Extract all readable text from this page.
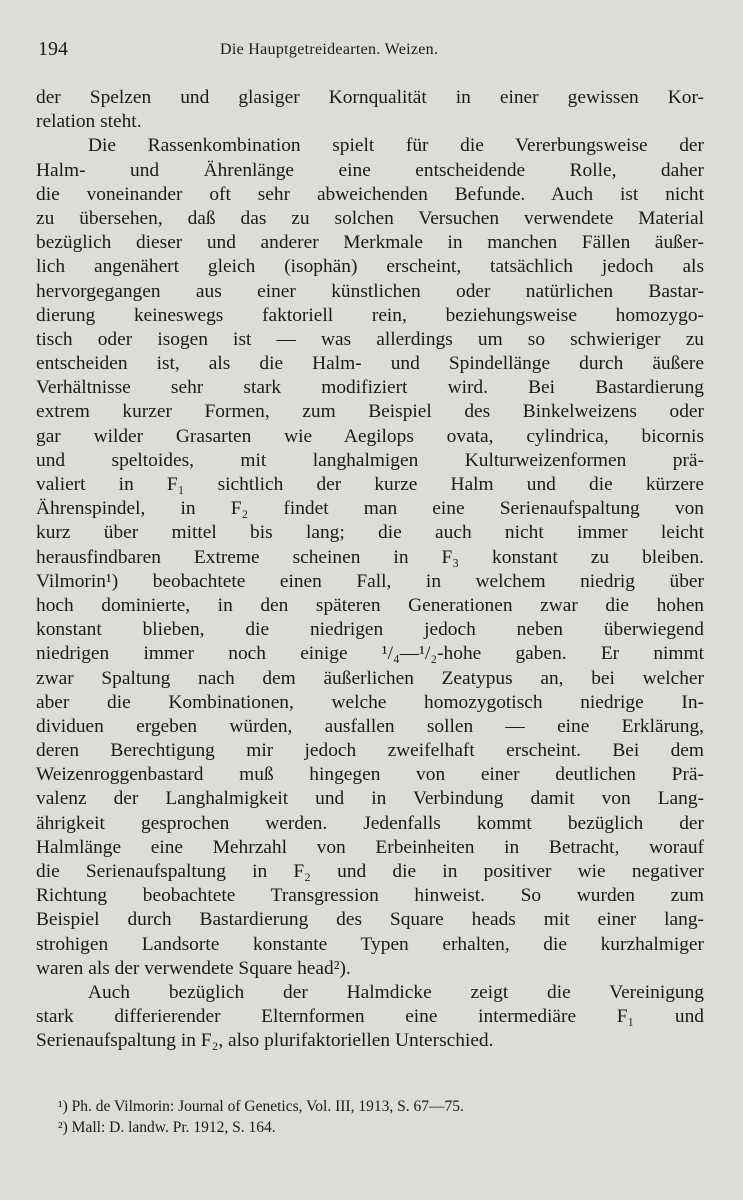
194	Die Hauptgetreidearten. Weizen.
der Spelzen und glasiger Kornqualität in einer gewissen Kor-
relation steht.
Die Rassenkombination spielt für die Vererbungsweise der
Halm- und Ährenlänge eine entscheidende Rolle, daher
die voneinander oft sehr abweichenden Befunde. Auch ist nicht
zu übersehen, daß das zu solchen Versuchen verwendete Material
bezüglich dieser und anderer Merkmale in manchen Fällen äußer-
lich angenähert gleich (isophän) erscheint, tatsächlich jedoch als
hervorgegangen aus einer künstlichen oder natürlichen Bastar-
dierung keineswegs faktoriell rein, beziehungsweise homozygo-
tisch oder isogen ist — was allerdings um so schwieriger zu
entscheiden ist, als die Halm- und Spindellänge durch äußere
Verhältnisse sehr stark modifiziert wird. Bei Bastardierung
extrem kurzer Formen, zum Beispiel des Binkelweizens oder
gar wilder Grasarten wie Aegilops ovata, cylindrica, bicornis
und speltoides, mit langhalmigen Kulturweizenformen prä-
valiert in F₁ sichtlich der kurze Halm und die kürzere
Ährenspindel, in F₂ findet man eine Serienaufspaltung von
kurz über mittel bis lang; die auch nicht immer leicht
herausfindbaren Extreme scheinen in F₃ konstant zu bleiben.
Vilmorin¹) beobachtete einen Fall, in welchem niedrig über
hoch dominierte, in den späteren Generationen zwar die hohen
konstant blieben, die niedrigen jedoch neben überwiegend
niedrigen immer noch einige ¹/₄—¹/₂-hohe gaben. Er nimmt
zwar Spaltung nach dem äußerlichen Zeatypus an, bei welcher
aber die Kombinationen, welche homozygotisch niedrige In-
dividuen ergeben würden, ausfallen sollen — eine Erklärung,
deren Berechtigung mir jedoch zweifelhaft erscheint. Bei dem
Weizenroggenbastard muß hingegen von einer deutlichen Prä-
valenz der Langhalmigkeit und in Verbindung damit von Lang-
ährigkeit gesprochen werden. Jedenfalls kommt bezüglich der
Halmlänge eine Mehrzahl von Erbeinheiten in Betracht, worauf
die Serienaufspaltung in F₂ und die in positiver wie negativer
Richtung beobachtete Transgression hinweist. So wurden zum
Beispiel durch Bastardierung des Square heads mit einer lang-
strohigen Landsorte konstante Typen erhalten, die kurzhalmiger
waren als der verwendete Square head²).
Auch bezüglich der Halmdicke zeigt die Vereinigung
stark differierender Elternformen eine intermediäre F₁ und
Serienaufspaltung in F₂, also plurifaktoriellen Unterschied.
¹) Ph. de Vilmorin: Journal of Genetics, Vol. III, 1913, S. 67—75.
²) Mall: D. landw. Pr. 1912, S. 164.
